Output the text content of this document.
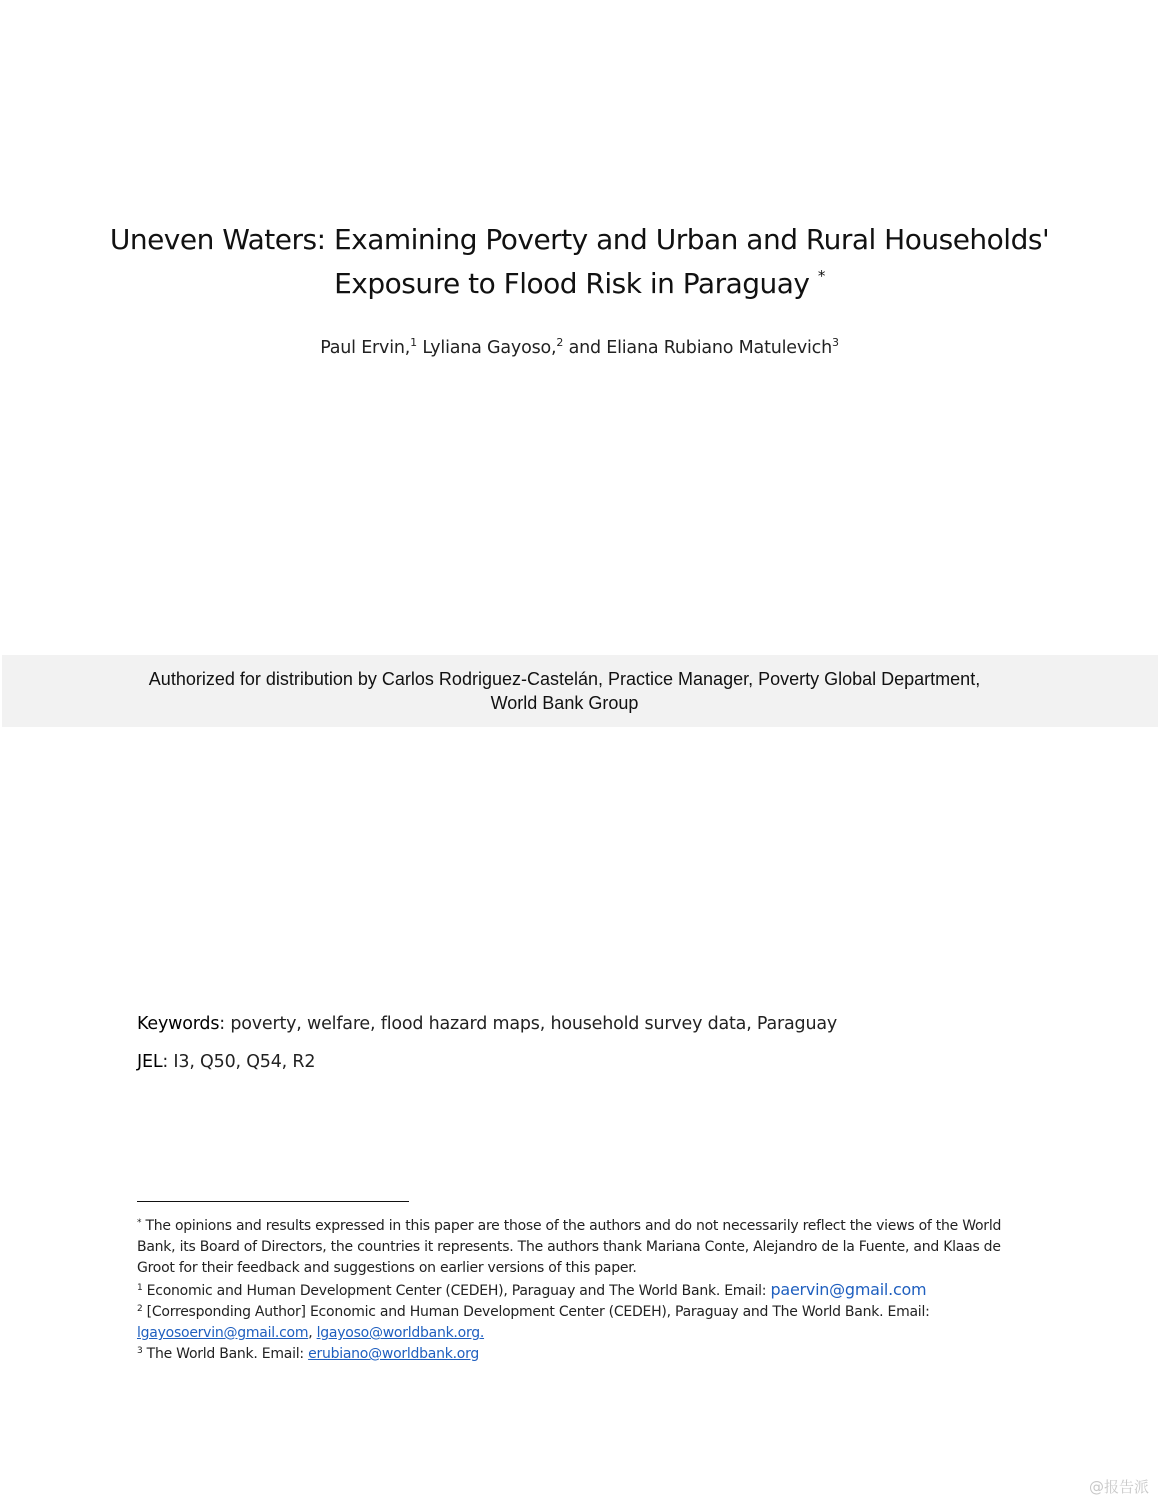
Uneven Waters: Examining Poverty and Urban and Rural Households'
Exposure to Flood Risk in Paraguay *
Paul Ervin,$^1$ Lyliana Gayoso,$^2$ and Eliana Rubiano Matulevich$^3$
Authorized for distribution by Carlos Rodriguez-Castelán, Practice Manager, Poverty Global Department,
World Bank Group
Keywords: poverty, welfare, flood hazard maps, household survey data, Paraguay
JEL: I3, Q50, Q54, R2

* The opinions and results expressed in this paper are those of the authors and do not necessarily reflect the views of the World Bank, its Board of Directors, the countries it represents. The authors thank Mariana Conte, Alejandro de la Fuente, and Klaas de Groot for their feedback and suggestions on earlier versions of this paper.

$^1$ Economic and Human Development Center (CEDEH), Paraguay and The World Bank. Email: paervin@gmail.com

$^2$ [Corresponding Author] Economic and Human Development Center (CEDEH), Paraguay and The World Bank. Email:
lgayosoervin@gmail.com, lgayoso@worldbank.org.

$^3$ The World Bank. Email: erubiano@worldbank.org

@报告派
